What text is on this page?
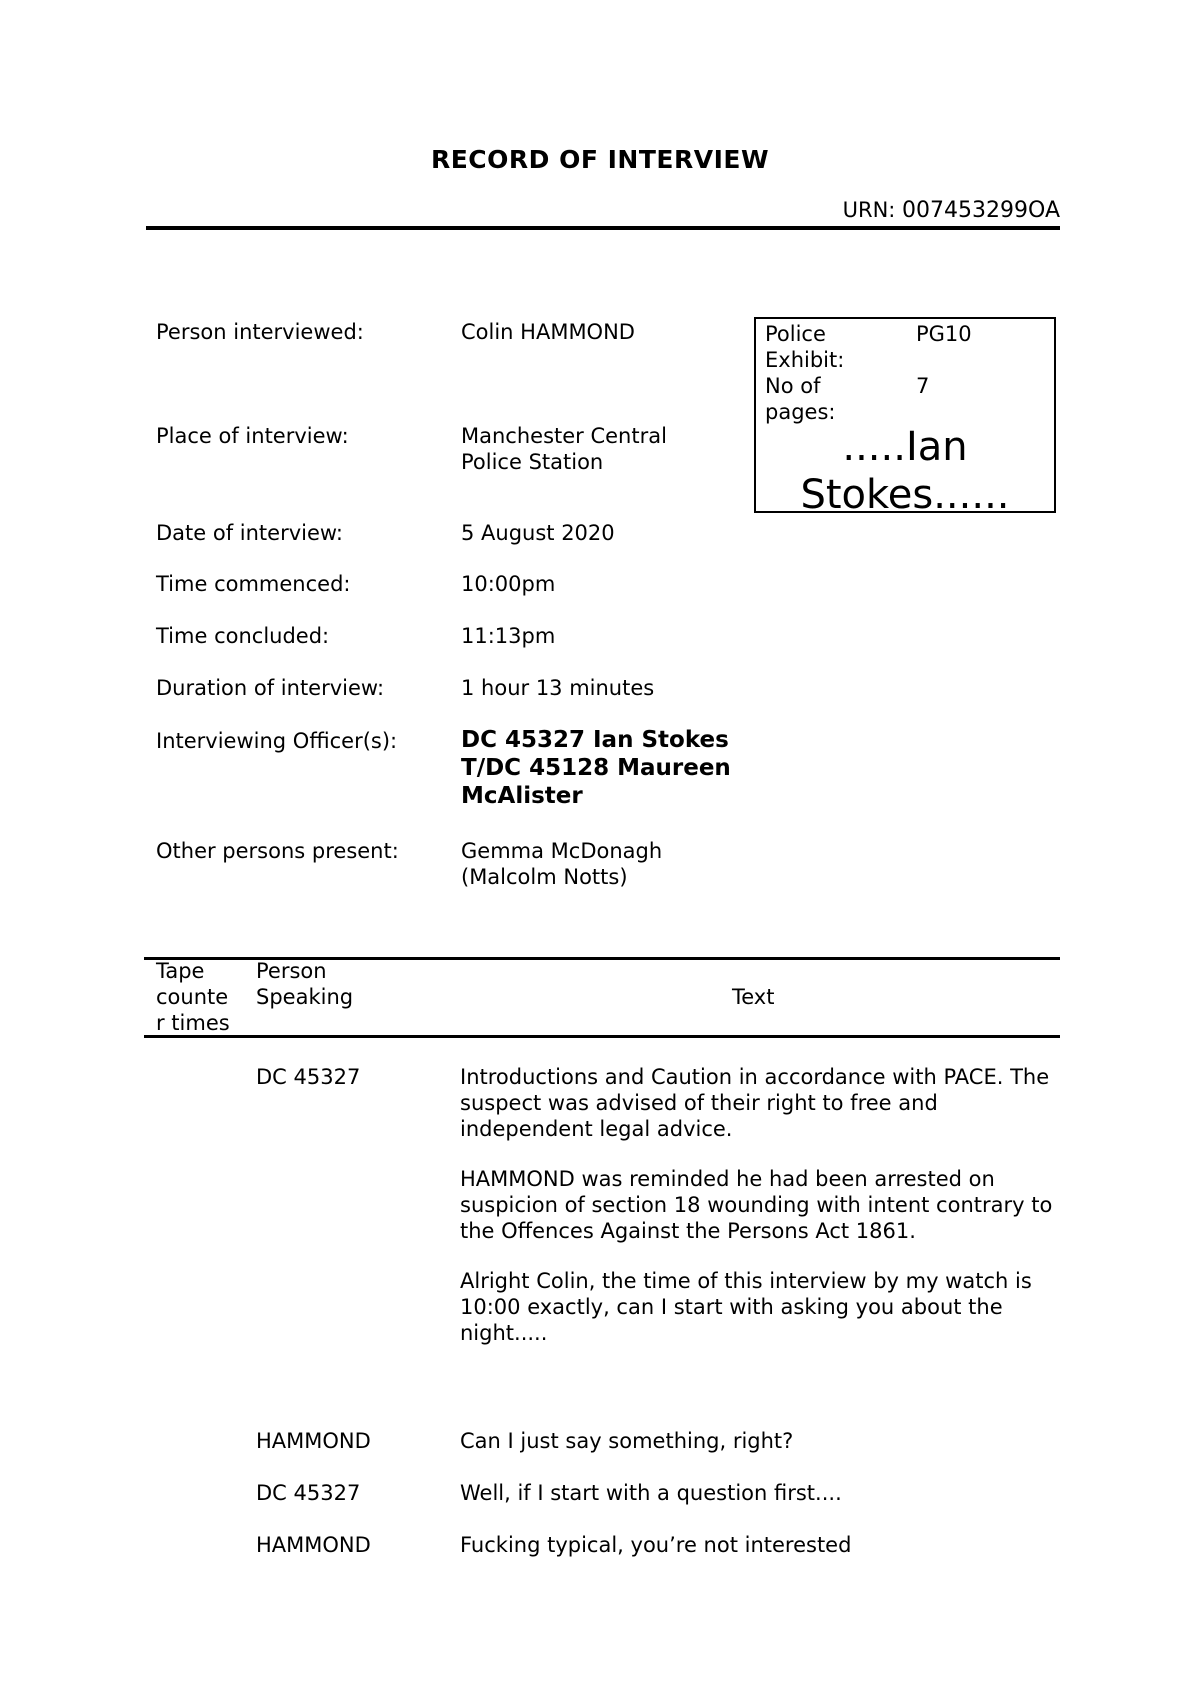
RECORD OF INTERVIEW
URN: 007453299OA
Person interviewed:	Colin HAMMOND
Place of interview:	Manchester Central
Police Station
Date of interview:	5 August 2020
Time commenced:	10:00pm
Time concluded:	11:13pm
Duration of interview:	1 hour 13 minutes
Interviewing Officer(s):	DC 45327 Ian Stokes
T/DC 45128 Maureen
McAlister
Other persons present:	Gemma McDonagh
(Malcolm Notts)
Police
Exhibit:
PG10
No of
pages:
7
.....Ian
Stokes......
Tape
counte
r times
Person
Speaking	Text
DC 45327	Introductions and Caution in accordance with PACE. The suspect was advised of their right to free and independent legal advice.

HAMMOND was reminded he had been arrested on suspicion of section 18 wounding with intent contrary to the Offences Against the Persons Act 1861.

Alright Colin, the time of this interview by my watch is 10:00 exactly, can I start with asking you about the night.....

HAMMOND	Can I just say something, right?
DC 45327	Well, if I start with a question first....
HAMMOND	Fucking typical, you’re not interested
